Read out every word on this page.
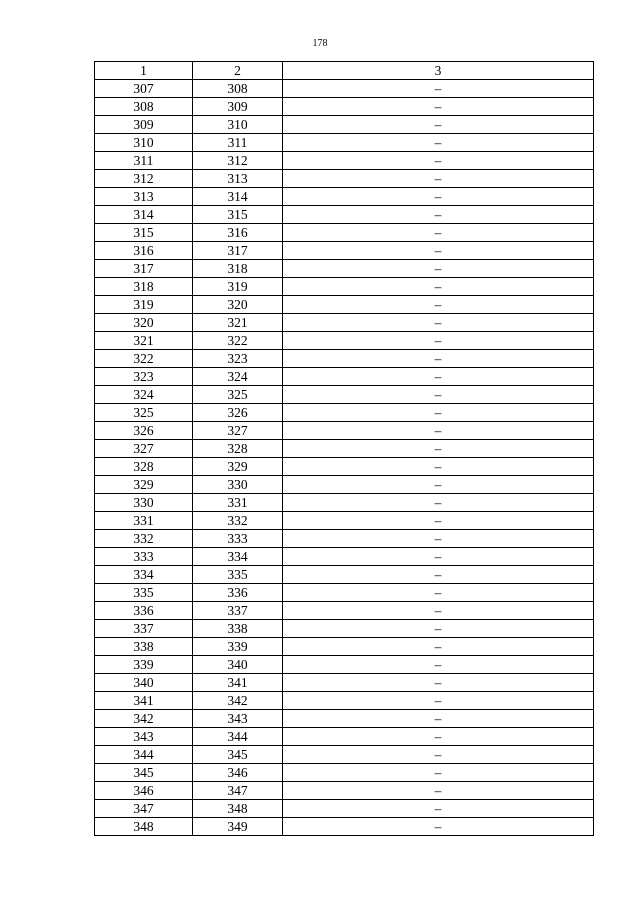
178
1	2	3
307	308	–
308	309	–
309	310	–
310	311	–
311	312	–
312	313	–
313	314	–
314	315	–
315	316	–
316	317	–
317	318	–
318	319	–
319	320	–
320	321	–
321	322	–
322	323	–
323	324	–
324	325	–
325	326	–
326	327	–
327	328	–
328	329	–
329	330	–
330	331	–
331	332	–
332	333	–
333	334	–
334	335	–
335	336	–
336	337	–
337	338	–
338	339	–
339	340	–
340	341	–
341	342	–
342	343	–
343	344	–
344	345	–
345	346	–
346	347	–
347	348	–
348	349	–
